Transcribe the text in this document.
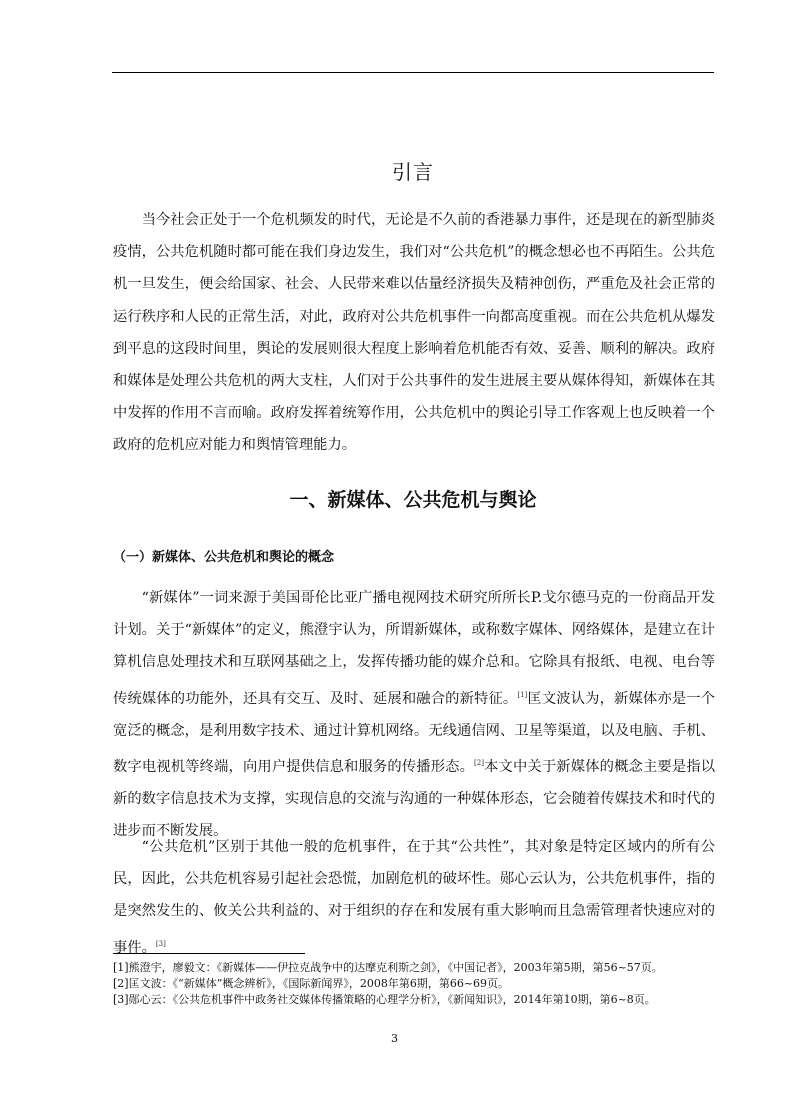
引言

当今社会正处于一个危机频发的时代，无论是不久前的香港暴力事件，还是现在的新型肺炎疫情，公共危机随时都可能在我们身边发生，我们对“公共危机”的概念想必也不再陌生。公共危机一旦发生，便会给国家、社会、人民带来难以估量经济损失及精神创伤，严重危及社会正常的运行秩序和人民的正常生活，对此，政府对公共危机事件一向都高度重视。而在公共危机从爆发到平息的这段时间里，舆论的发展则很大程度上影响着危机能否有效、妥善、顺利的解决。政府和媒体是处理公共危机的两大支柱，人们对于公共事件的发生进展主要从媒体得知，新媒体在其中发挥的作用不言而喻。政府发挥着统筹作用，公共危机中的舆论引导工作客观上也反映着一个政府的危机应对能力和舆情管理能力。

一、新媒体、公共危机与舆论
（一）新媒体、公共危机和舆论的概念

“新媒体”一词来源于美国哥伦比亚广播电视网技术研究所所长P.戈尔德马克的一份商品开发计划。关于“新媒体”的定义，熊澄宇认为，所谓新媒体，或称数字媒体、网络媒体，是建立在计算机信息处理技术和互联网基础之上，发挥传播功能的媒介总和。它除具有报纸、电视、电台等传统媒体的功能外，还具有交互、及时、延展和融合的新特征。[1]匡文波认为，新媒体亦是一个宽泛的概念，是利用数字技术、通过计算机网络。无线通信网、卫星等渠道，以及电脑、手机、数字电视机等终端，向用户提供信息和服务的传播形态。[2]本文中关于新媒体的概念主要是指以新的数字信息技术为支撑，实现信息的交流与沟通的一种媒体形态，它会随着传媒技术和时代的进步而不断发展。

“公共危机”区别于其他一般的危机事件，在于其“公共性”，其对象是特定区域内的所有公民，因此，公共危机容易引起社会恐慌，加剧危机的破坏性。郧心云认为，公共危机事件，指的是突然发生的、攸关公共利益的、对于组织的存在和发展有重大影响而且急需管理者快速应对的事件。[3]

[1]熊澄宇，廖毅文：《新媒体——伊拉克战争中的达摩克利斯之剑》，《中国记者》，2003年第5期，第56~57页。
[2]匡文波：《“新媒体”概念辨析》，《国际新闻界》，2008年第6期，第66~69页。
[3]郧心云：《公共危机事件中政务社交媒体传播策略的心理学分析》，《新闻知识》，2014年第10期，第6~8页。
3
